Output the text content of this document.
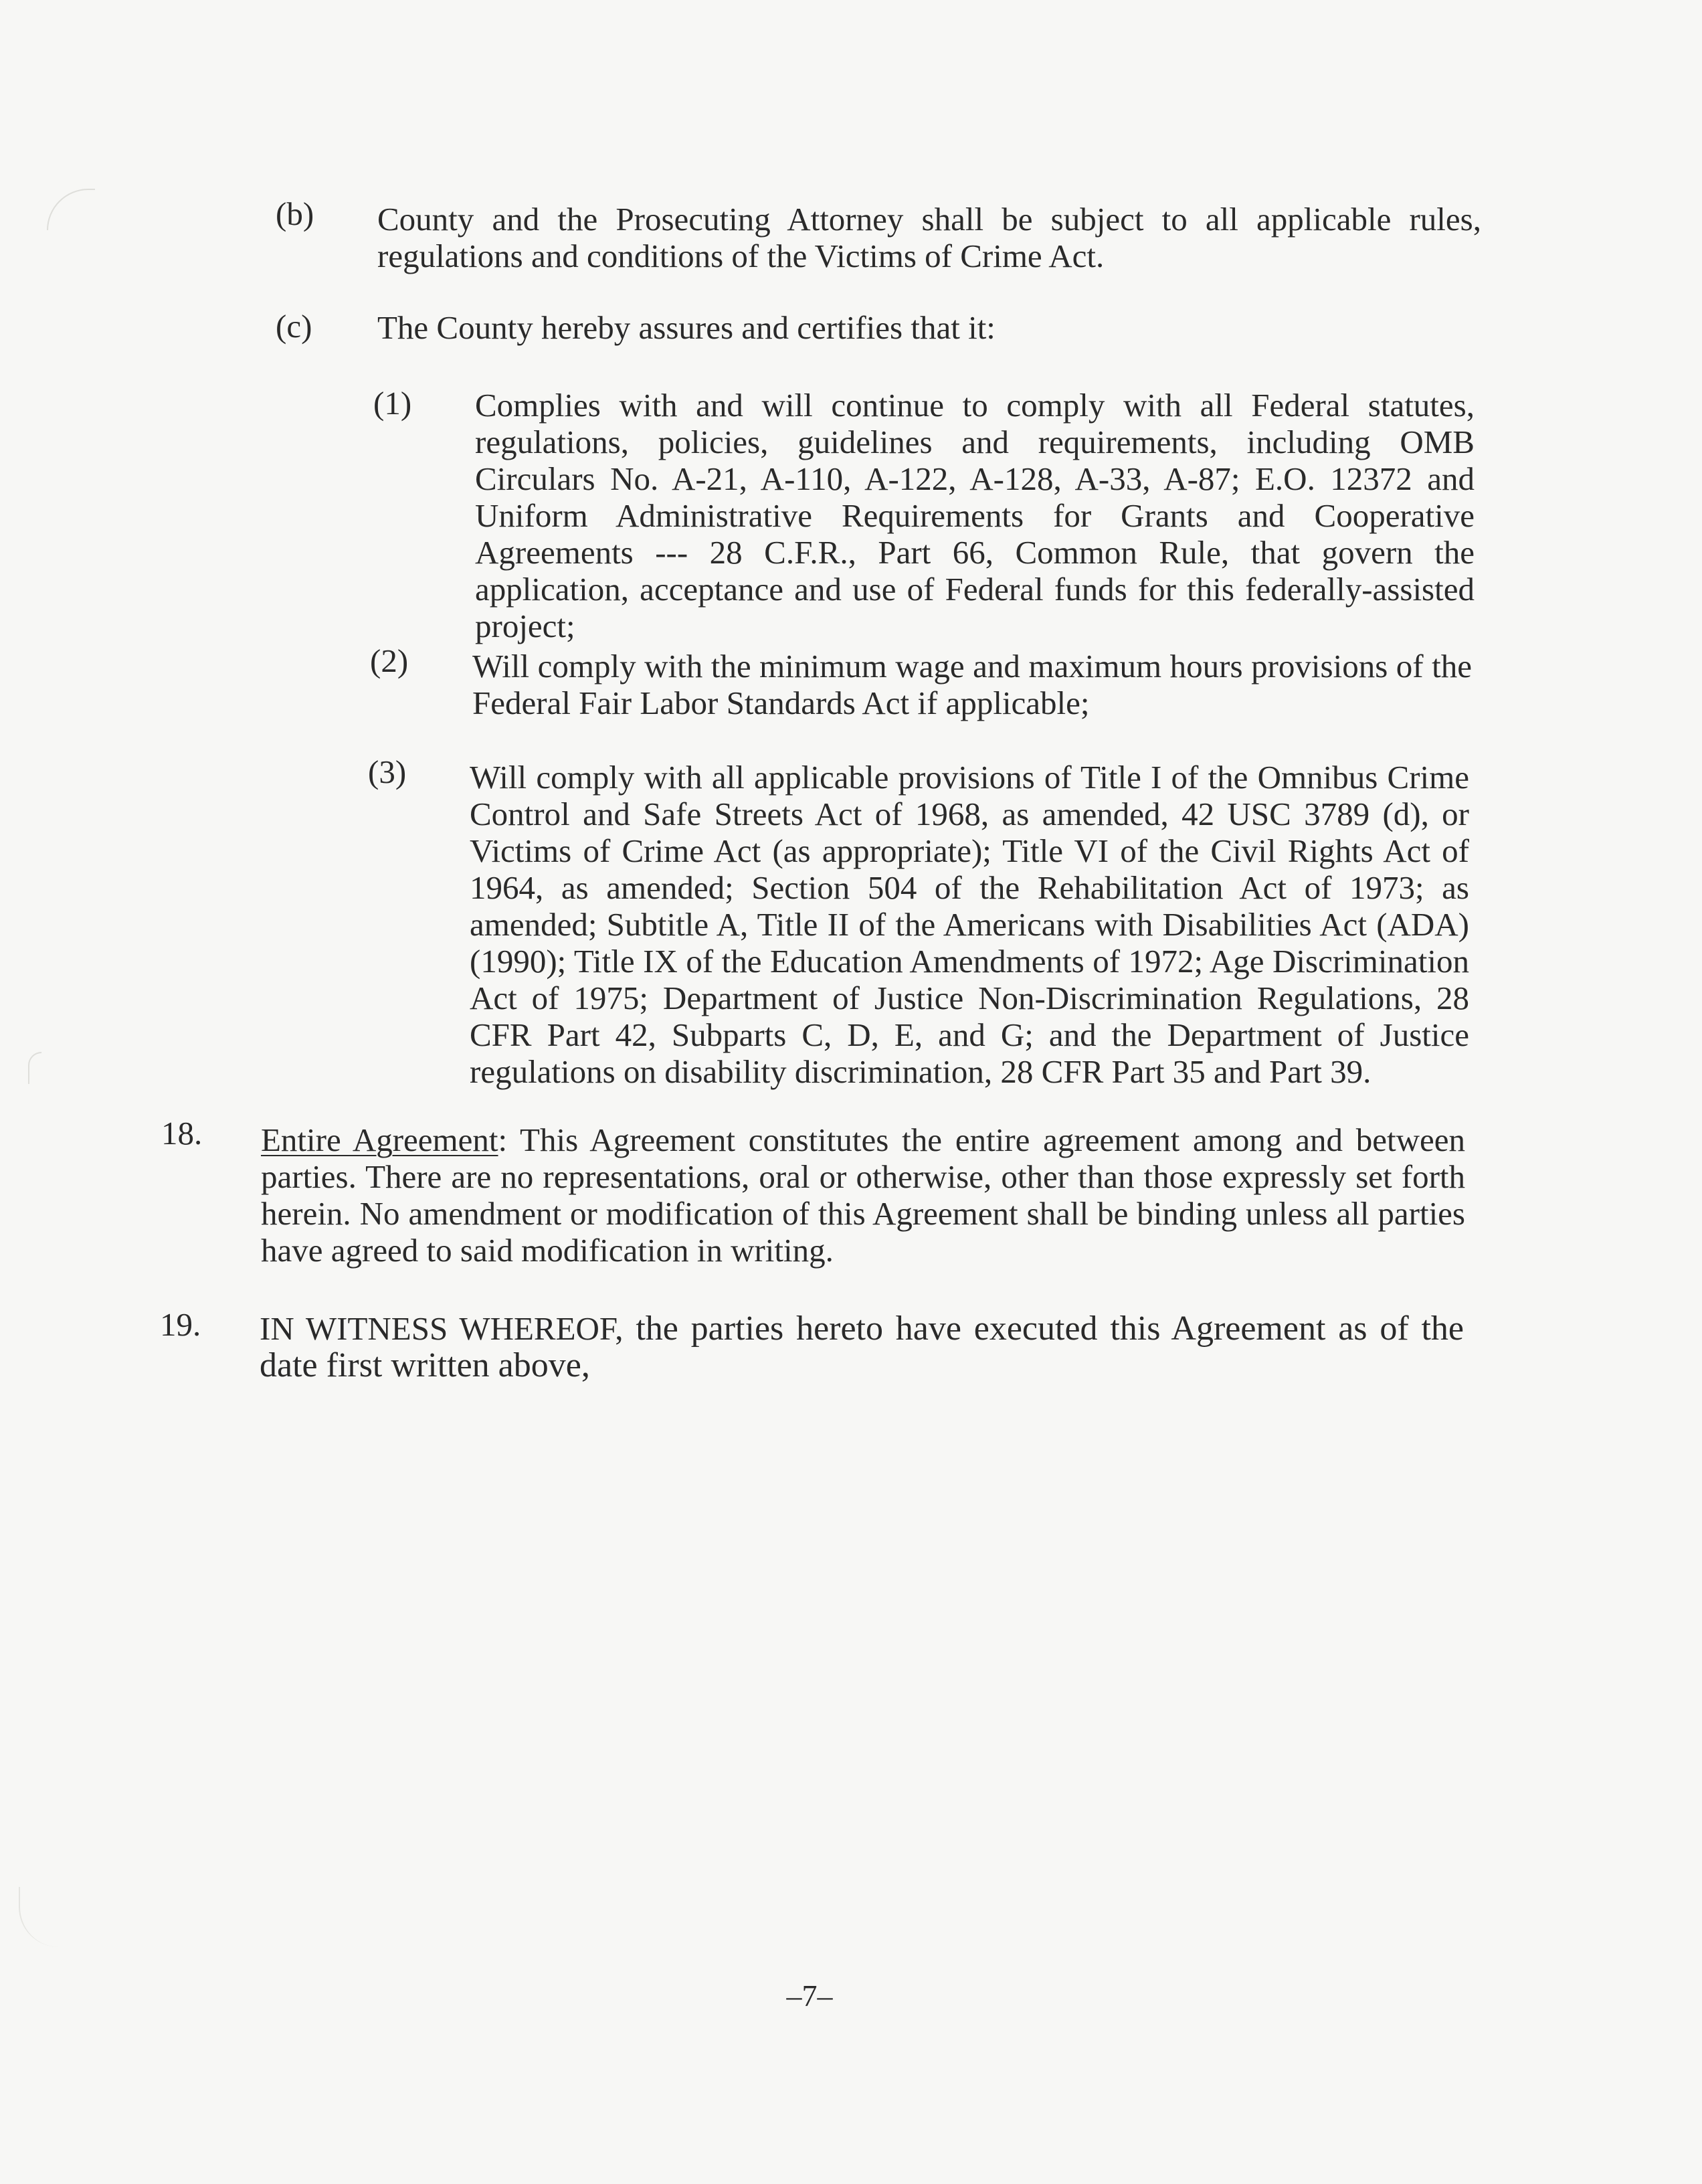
(b) County and the Prosecuting Attorney shall be subject to all applicable rules, regulations and conditions of the Victims of Crime Act.
(c) The County hereby assures and certifies that it:
(1) Complies with and will continue to comply with all Federal statutes, regulations, policies, guidelines and requirements, including OMB Circulars No. A-21, A-110, A-122, A-128, A-33, A-87; E.O. 12372 and Uniform Administrative Requirements for Grants and Cooperative Agreements --- 28 C.F.R., Part 66, Common Rule, that govern the application, acceptance and use of Federal funds for this federally-assisted project;
(2) Will comply with the minimum wage and maximum hours provisions of the Federal Fair Labor Standards Act if applicable;
(3) Will comply with all applicable provisions of Title I of the Omnibus Crime Control and Safe Streets Act of 1968, as amended, 42 USC 3789 (d), or Victims of Crime Act (as appropriate); Title VI of the Civil Rights Act of 1964, as amended; Section 504 of the Rehabilitation Act of 1973; as amended; Subtitle A, Title II of the Americans with Disabilities Act (ADA) (1990); Title IX of the Education Amendments of 1972; Age Discrimination Act of 1975; Department of Justice Non-Discrimination Regulations, 28 CFR Part 42, Subparts C, D, E, and G; and the Department of Justice regulations on disability discrimination, 28 CFR Part 35 and Part 39.
18. Entire Agreement: This Agreement constitutes the entire agreement among and between parties. There are no representations, oral or otherwise, other than those expressly set forth herein. No amendment or modification of this Agreement shall be binding unless all parties have agreed to said modification in writing.
19. IN WITNESS WHEREOF, the parties hereto have executed this Agreement as of the date first written above,
–7–
